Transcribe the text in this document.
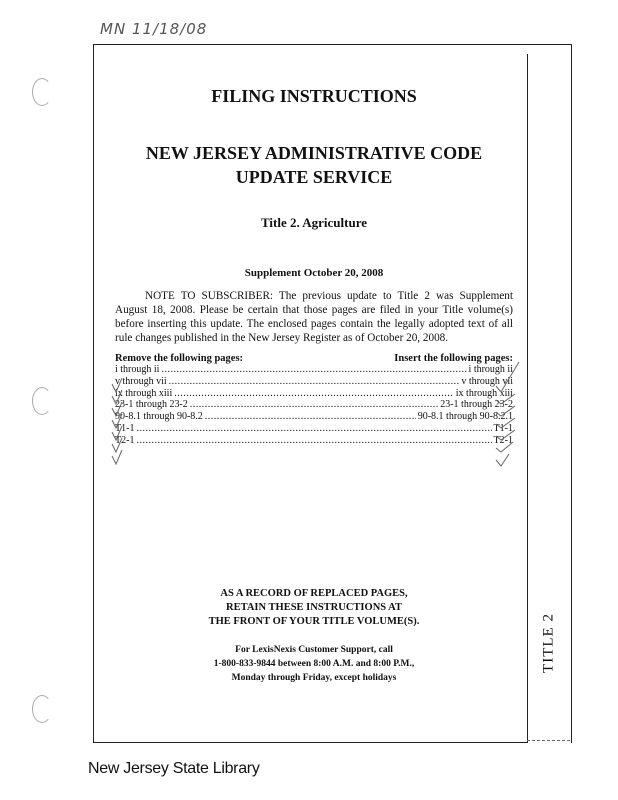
MN 11/18/08
TITLE 2
FILING INSTRUCTIONS
NEW JERSEY ADMINISTRATIVE CODE
UPDATE SERVICE
Title 2. Agriculture
Supplement October 20, 2008

NOTE TO SUBSCRIBER: The previous update to Title 2 was Supplement August 18, 2008. Please be certain that those pages are filed in your Title volume(s) before inserting this update. The enclosed pages contain the legally adopted text of all rule changes published in the New Jersey Register as of October 20, 2008.

Remove the following pages:	Insert the following pages:
i through ii .....	i through ii
v through vii .....	v through vii
ix through xiii .....	ix through xiii
23-1 through 23-2 .....	23-1 through 23-2
90-8.1 through 90-8.2 .....	90-8.1 through 90-8.2.1
T1-1 .....	T1-1
T2-1 .....	T2-1
AS A RECORD OF REPLACED PAGES,
RETAIN THESE INSTRUCTIONS AT
THE FRONT OF YOUR TITLE VOLUME(S).
For LexisNexis Customer Support, call
1-800-833-9844 between 8:00 A.M. and 8:00 P.M.,
Monday through Friday, except holidays
New Jersey State Library
